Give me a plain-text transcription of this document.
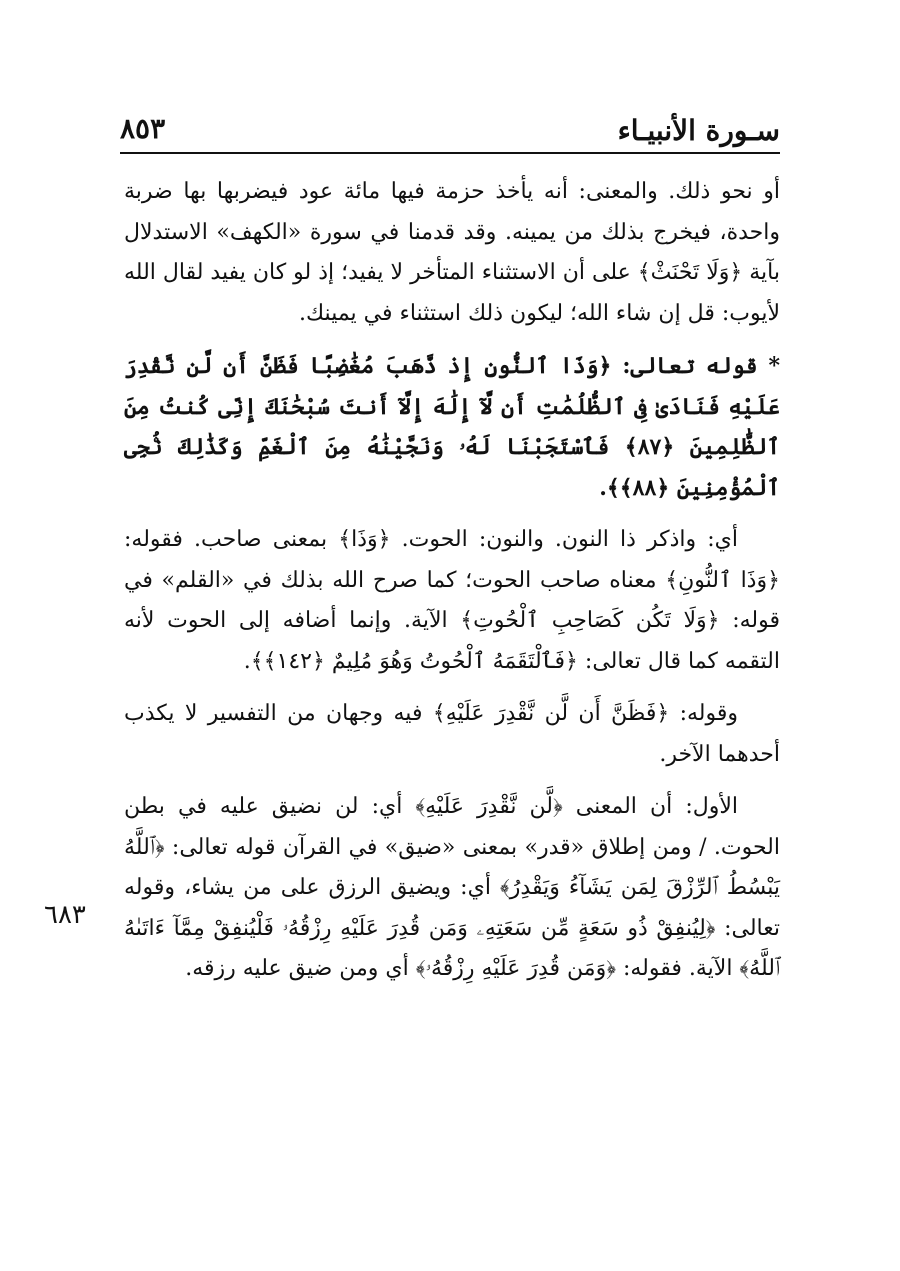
سـورة الأنبيـاء
٨٥٣
٦٨٣

أو نحو ذلك. والمعنى: أنه يأخذ حزمة فيها مائة عود فيضربها بها ضربة واحدة، فيخرج بذلك من يمينه. وقد قدمنا في سورة «الكهف» الاستدلال بآية ﴿وَلَا تَحْنَثْ﴾ على أن الاستثناء المتأخر لا يفيد؛ إذ لو كان يفيد لقال الله لأيوب: قل إن شاء الله؛ ليكون ذلك استثناء في يمينك.

* قوله تعالى: ﴿وَذَا ٱلنُّونِ إِذ ذَّهَبَ مُغَٰضِبًا فَظَنَّ أَن لَّن نَّقْدِرَ عَلَيْهِ فَنَادَىٰ فِى ٱلظُّلُمَٰتِ أَن لَّآ إِلَٰهَ إِلَّآ أَنتَ سُبْحَٰنَكَ إِنِّى كُنتُ مِنَ ٱلظَّٰلِمِينَ ﴿٨٧﴾ فَٱسْتَجَبْنَا لَهُۥ وَنَجَّيْنَٰهُ مِنَ ٱلْغَمِّ وَكَذَٰلِكَ نُۨجِى ٱلْمُؤْمِنِينَ ﴿٨٨﴾﴾.

أي: واذكر ذا النون. والنون: الحوت. ﴿وَذَا﴾ بمعنى صاحب. فقوله: ﴿وَذَا ٱلنُّونِ﴾ معناه صاحب الحوت؛ كما صرح الله بذلك في «القلم» في قوله: ﴿وَلَا تَكُن كَصَاحِبِ ٱلْحُوتِ﴾ الآية. وإنما أضافه إلى الحوت لأنه التقمه كما قال تعالى: ﴿فَٱلْتَقَمَهُ ٱلْحُوتُ وَهُوَ مُلِيمٌ ﴿١٤٢﴾﴾.

وقوله: ﴿فَظَنَّ أَن لَّن نَّقْدِرَ عَلَيْهِ﴾ فيه وجهان من التفسير لا يكذب أحدهما الآخر.

الأول: أن المعنى ﴿لَّن نَّقْدِرَ عَلَيْهِ﴾ أي: لن نضيق عليه في بطن الحوت. / ومن إطلاق «قدر» بمعنى «ضيق» في القرآن قوله تعالى: ﴿ٱللَّهُ يَبْسُطُ ٱلرِّزْقَ لِمَن يَشَآءُ وَيَقْدِرُ﴾ أي: ويضيق الرزق على من يشاء، وقوله تعالى: ﴿لِيُنفِقْ ذُو سَعَةٍ مِّن سَعَتِهِۦ وَمَن قُدِرَ عَلَيْهِ رِزْقُهُۥ فَلْيُنفِقْ مِمَّآ ءَاتَىٰهُ ٱللَّهُ﴾ الآية. فقوله: ﴿وَمَن قُدِرَ عَلَيْهِ رِزْقُهُۥ﴾ أي ومن ضيق عليه رزقه.
